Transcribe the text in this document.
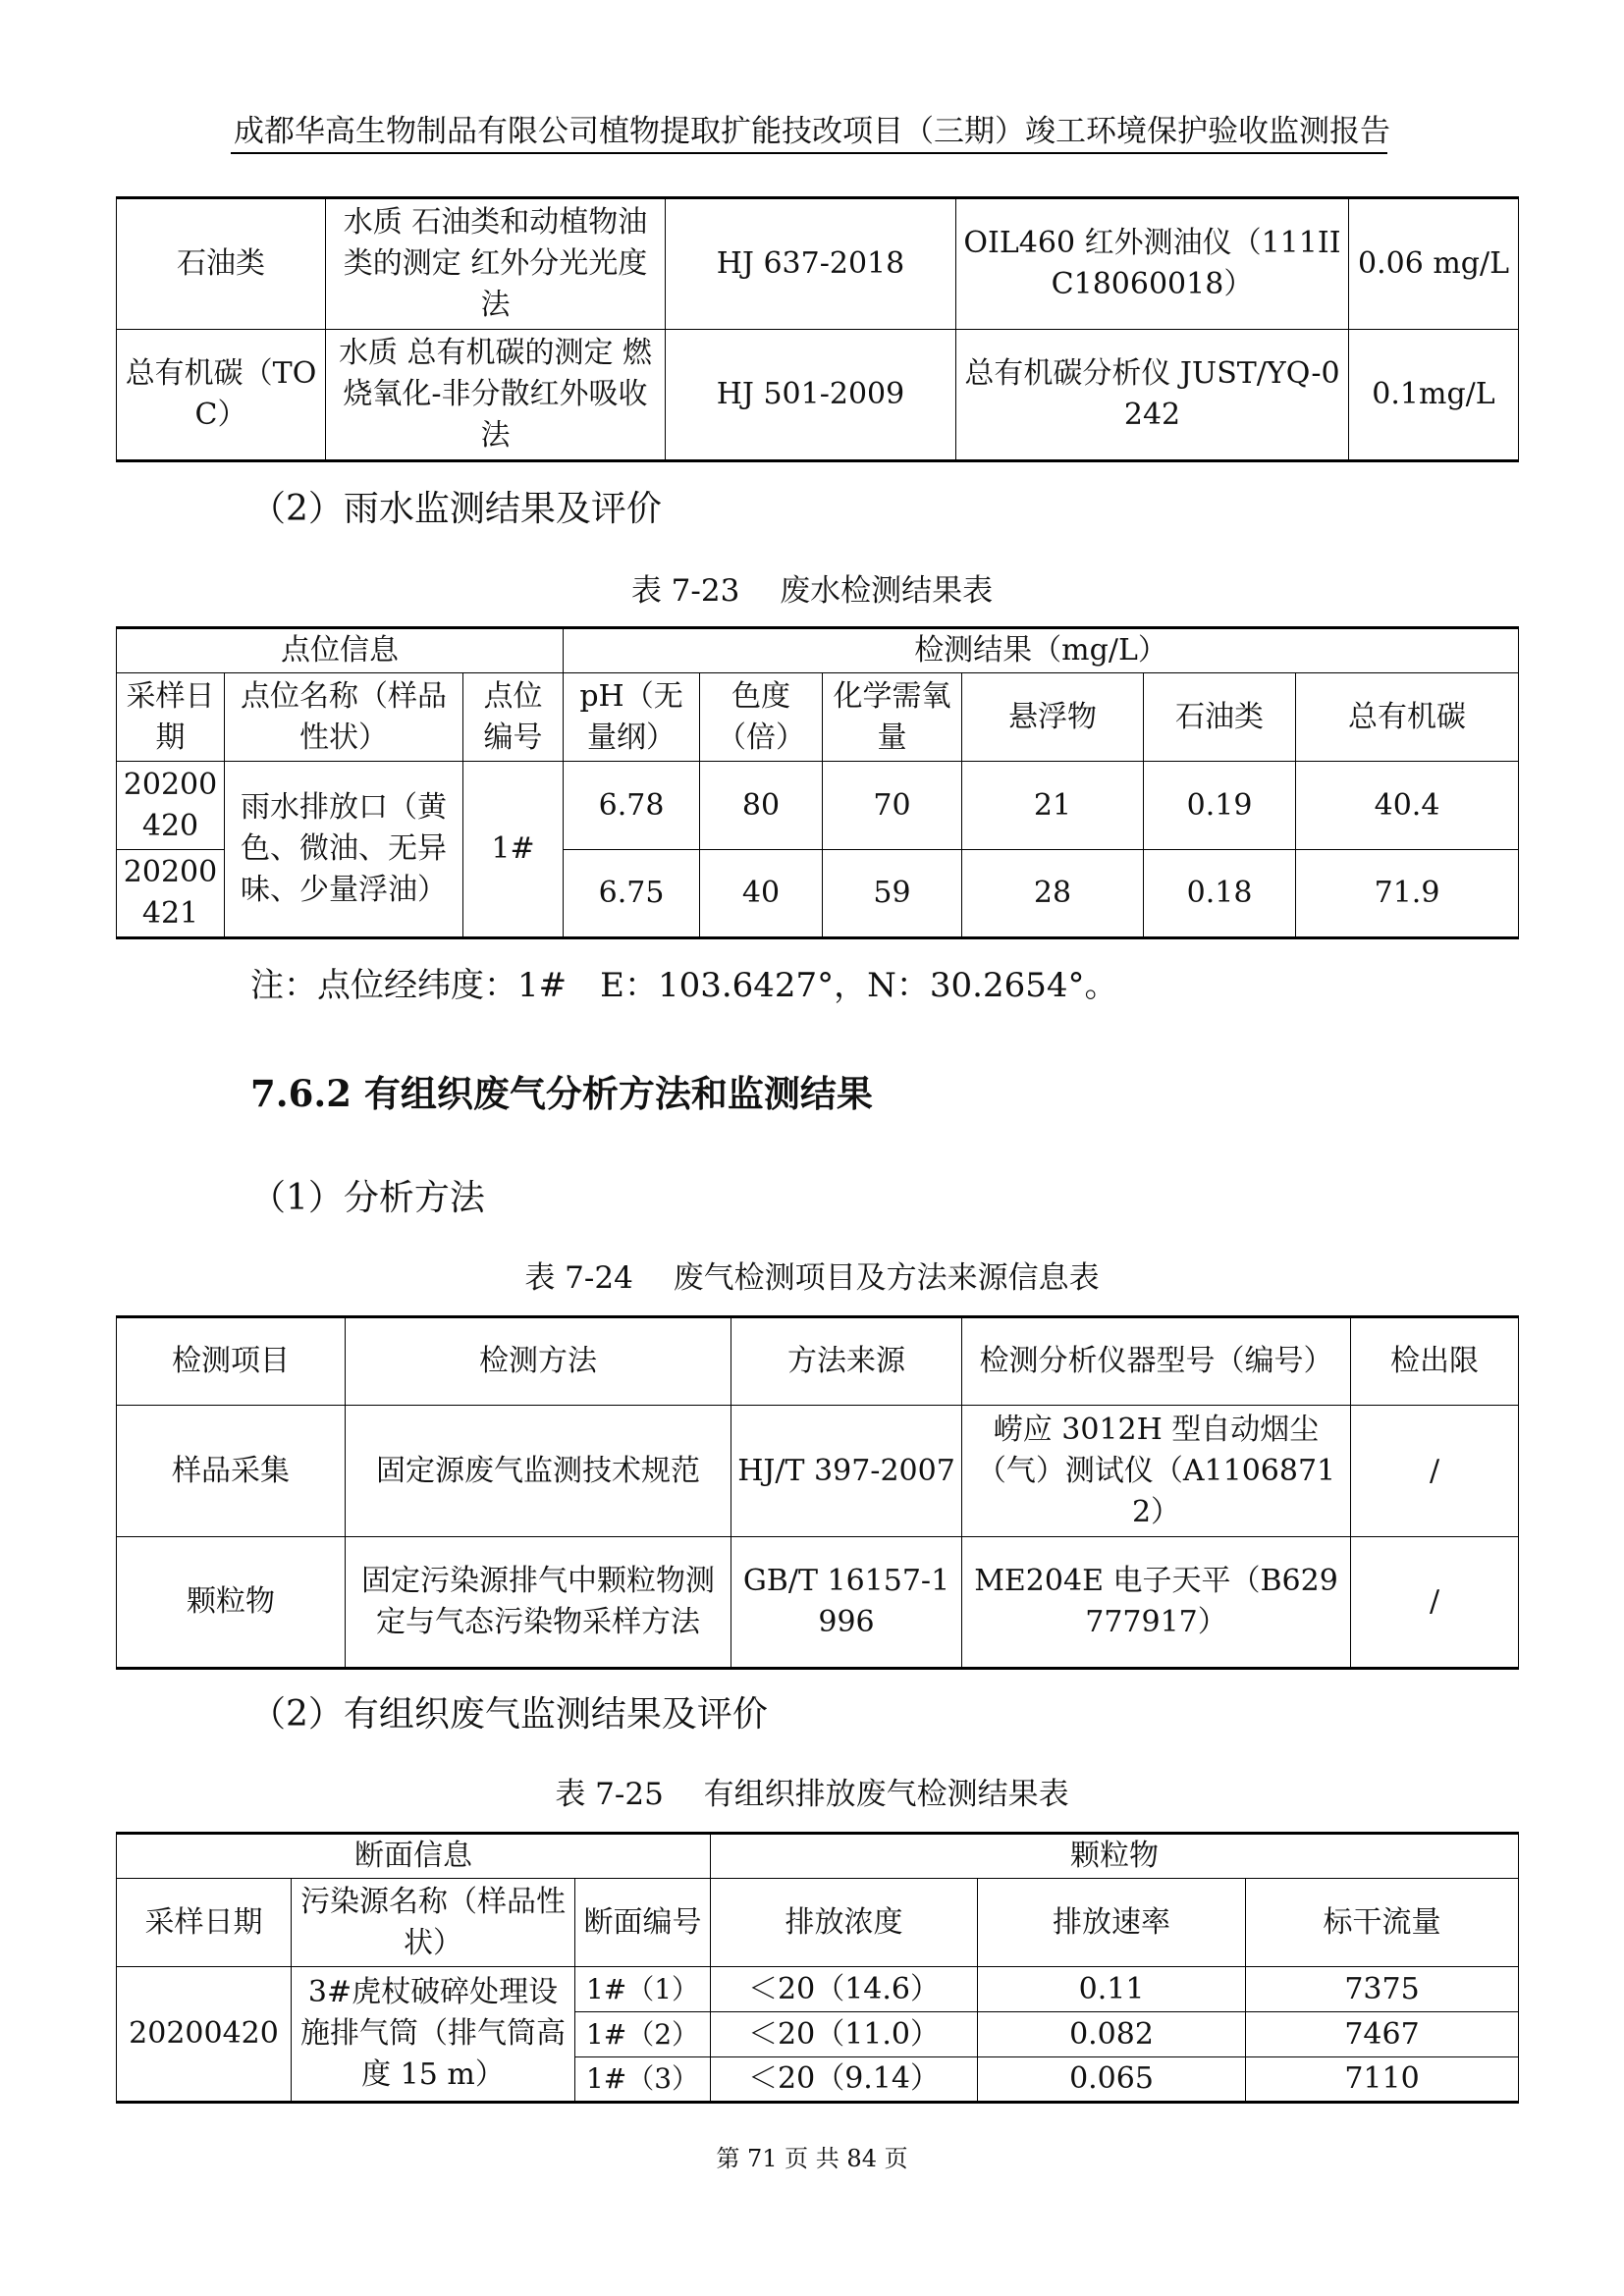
成都华高生物制品有限公司植物提取扩能技改项目（三期）竣工环境保护验收监测报告
石油类	水质 石油类和动植物油类的测定 红外分光光度法	HJ 637-2018	OIL460 红外测油仪（111IIC18060018）	0.06 mg/L
总有机碳（TOC）	水质 总有机碳的测定 燃烧氧化-非分散红外吸收法	HJ 501-2009	总有机碳分析仪 JUST/YQ-0242	0.1mg/L
（2）雨水监测结果及评价
表 7-23　 废水检测结果表
点位信息			检测结果（mg/L）					
采样日期	点位名称（样品性状）	点位编号	pH（无量纲）	色度（倍）	化学需氧量	悬浮物	石油类	总有机碳
20200420	雨水排放口（黄色、微油、无异味、少量浮油）	1#	6.78	80	70	21	0.19	40.4
20200421			6.75	40	59	28	0.18	71.9
注：点位经纬度：1#　E：103.6427°，N：30.2654°。
7.6.2 有组织废气分析方法和监测结果
（1）分析方法
表 7-24　 废气检测项目及方法来源信息表
检测项目	检测方法	方法来源	检测分析仪器型号（编号）	检出限
样品采集	固定源废气监测技术规范	HJ/T 397-2007	崂应 3012H 型自动烟尘（气）测试仪（A11068712）	/
颗粒物	固定污染源排气中颗粒物测定与气态污染物采样方法	GB/T 16157-1996	ME204E 电子天平（B629777917）	/
（2）有组织废气监测结果及评价
表 7-25　 有组织排放废气检测结果表
断面信息			颗粒物		
采样日期	污染源名称（样品性状）	断面编号	排放浓度	排放速率	标干流量
20200420	3#虎杖破碎处理设施排气筒（排气筒高度 15 m）	1#（1）	＜20（14.6）	0.11	7375
		1#（2）	＜20（11.0）	0.082	7467
		1#（3）	＜20（9.14）	0.065	7110
第 71 页 共 84 页
